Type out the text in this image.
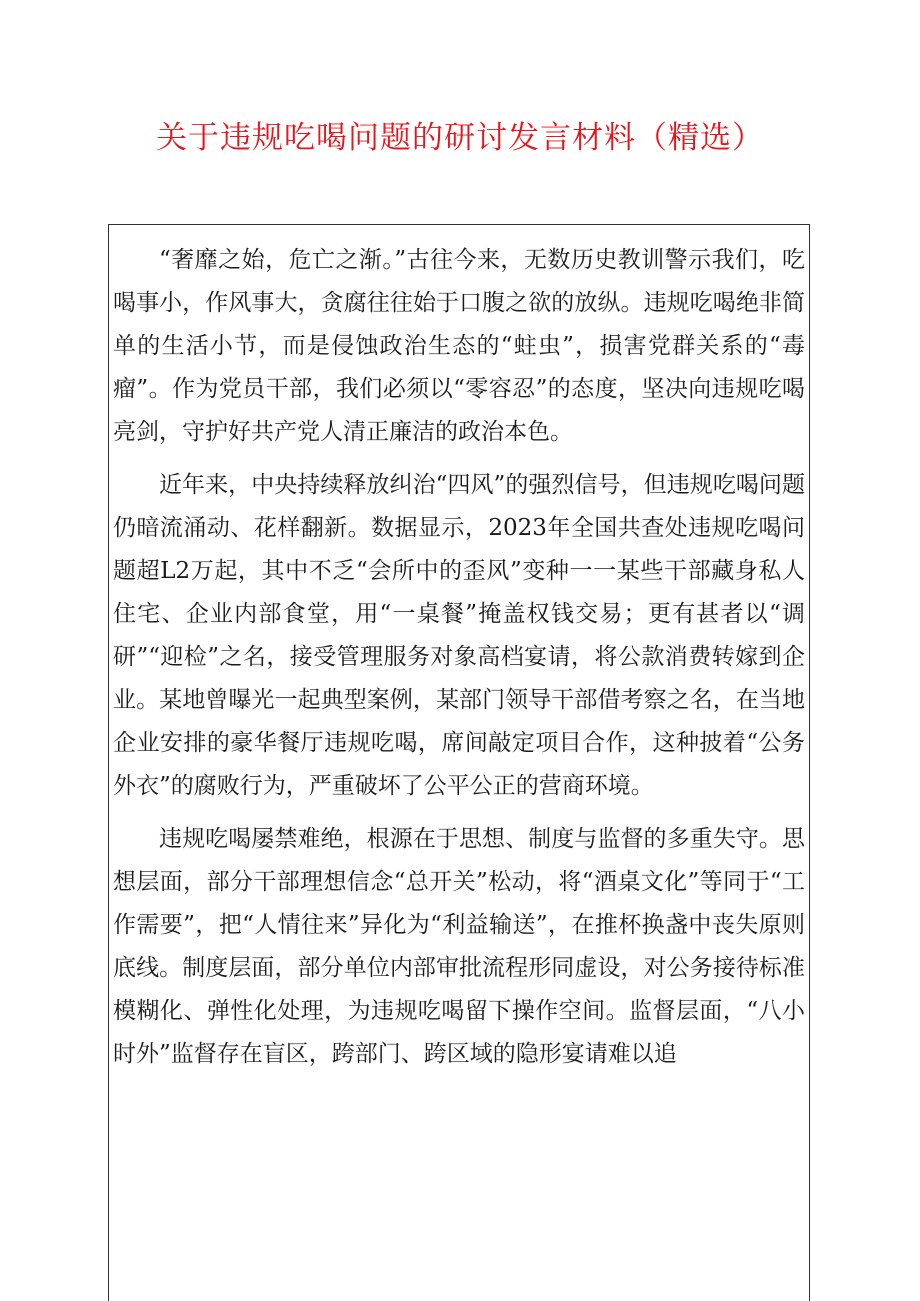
关于违规吃喝问题的研讨发言材料（精选）

“奢靡之始，危亡之渐。”古往今来，无数历史教训警示我们，吃喝事小，作风事大，贪腐往往始于口腹之欲的放纵。违规吃喝绝非简单的生活小节，而是侵蚀政治生态的“蛀虫”，损害党群关系的“毒瘤”。作为党员干部，我们必须以“零容忍”的态度，坚决向违规吃喝亮剑，守护好共产党人清正廉洁的政治本色。

近年来，中央持续释放纠治“四风”的强烈信号，但违规吃喝问题仍暗流涌动、花样翻新。数据显示，2023年全国共查处违规吃喝问题超L2万起，其中不乏“会所中的歪风”变种一一某些干部藏身私人住宅、企业内部食堂，用“一桌餐”掩盖权钱交易；更有甚者以“调研”“迎检”之名，接受管理服务对象高档宴请，将公款消费转嫁到企业。某地曾曝光一起典型案例，某部门领导干部借考察之名，在当地企业安排的豪华餐厅违规吃喝，席间敲定项目合作，这种披着“公务外衣”的腐败行为，严重破坏了公平公正的营商环境。

违规吃喝屡禁难绝，根源在于思想、制度与监督的多重失守。思想层面，部分干部理想信念“总开关”松动，将“酒桌文化”等同于“工作需要”，把“人情往来”异化为“利益输送”，在推杯换盏中丧失原则底线。制度层面，部分单位内部审批流程形同虚设，对公务接待标准模糊化、弹性化处理，为违规吃喝留下操作空间。监督层面，“八小时外”监督存在盲区，跨部门、跨区域的隐形宴请难以追
